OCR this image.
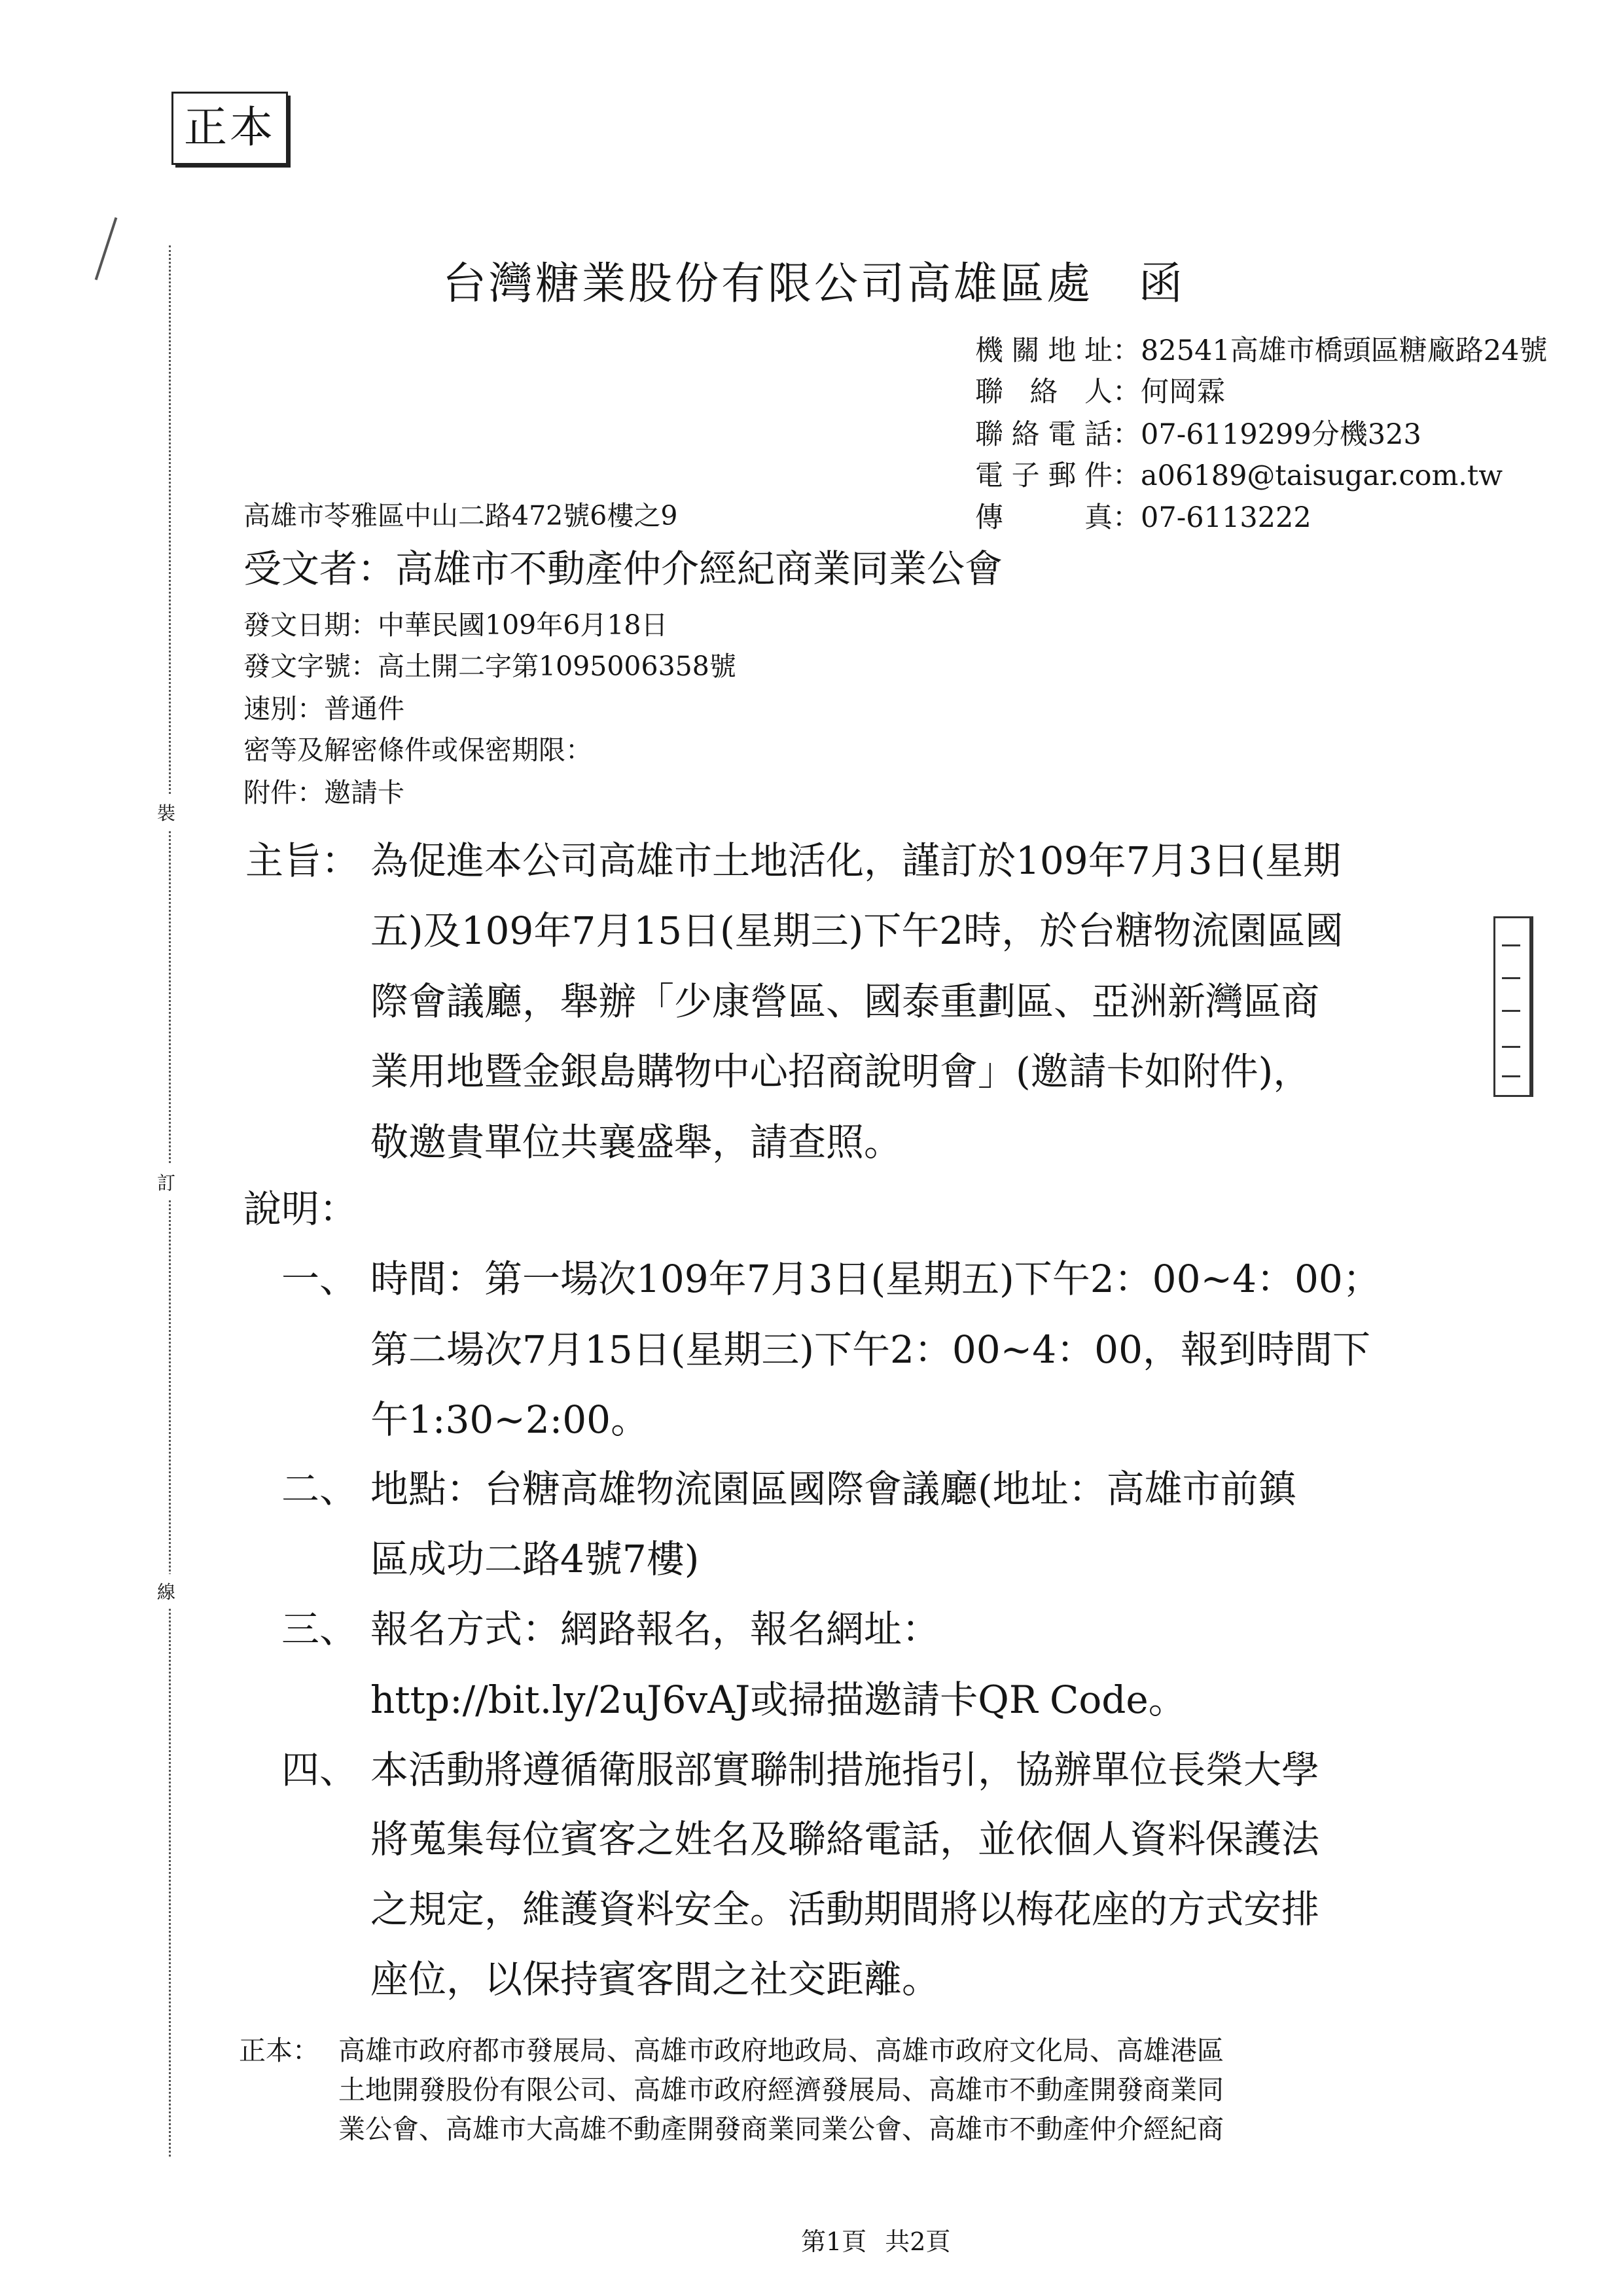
正本
裝
訂
線
台灣糖業股份有限公司高雄區處 函
機關地址：82541高雄市橋頭區糖廠路24號
聯絡人：何岡霖
聯絡電話：07-6119299分機323
電子郵件：a06189@taisugar.com.tw
傳真：07-6113222
高雄市苓雅區中山二路472號6樓之9
受文者：高雄市不動產仲介經紀商業同業公會
發文日期：中華民國109年6月18日
發文字號：高土開二字第1095006358號
速別：普通件
密等及解密條件或保密期限：
附件：邀請卡
主旨： 為促進本公司高雄市土地活化，謹訂於109年7月3日(星期
五)及109年7月15日(星期三)下午2時，於台糖物流園區國
際會議廳，舉辦「少康營區、國泰重劃區、亞洲新灣區商
業用地暨金銀島購物中心招商說明會」(邀請卡如附件)，
敬邀貴單位共襄盛舉，請查照。
說明：
一、 時間：第一場次109年7月3日(星期五)下午2：00~4：00；
第二場次7月15日(星期三)下午2：00~4：00，報到時間下
午1:30~2:00。
二、 地點：台糖高雄物流園區國際會議廳(地址：高雄市前鎮
區成功二路4號7樓)
三、 報名方式：網路報名，報名網址：
http://bit.ly/2uJ6vAJ或掃描邀請卡QR Code。
四、 本活動將遵循衛服部實聯制措施指引，協辦單位長榮大學
將蒐集每位賓客之姓名及聯絡電話，並依個人資料保護法
之規定，維護資料安全。活動期間將以梅花座的方式安排
座位，以保持賓客間之社交距離。
正本： 高雄市政府都市發展局、高雄市政府地政局、高雄市政府文化局、高雄港區
土地開發股份有限公司、高雄市政府經濟發展局、高雄市不動產開發商業同
業公會、高雄市大高雄不動產開發商業同業公會、高雄市不動產仲介經紀商
第1頁 共2頁
